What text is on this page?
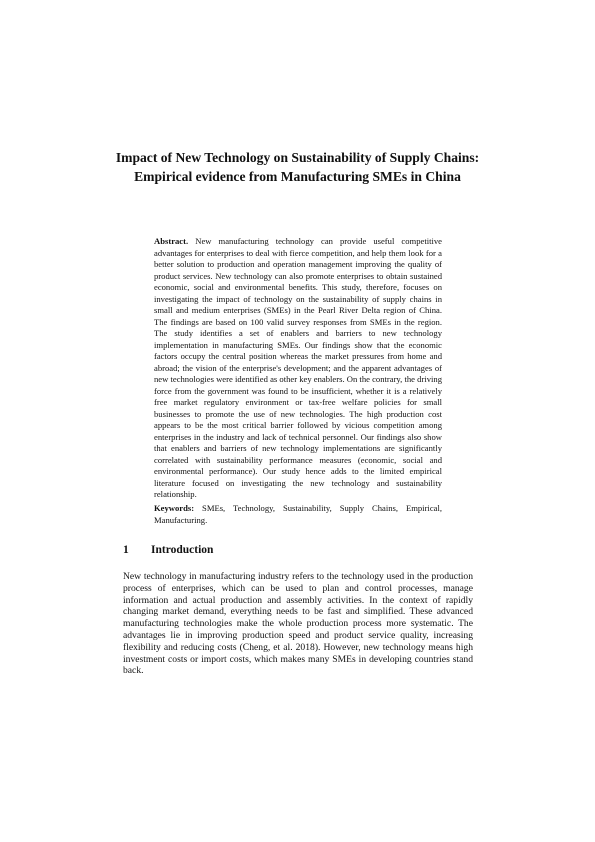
Impact of New Technology on Sustainability of Supply Chains: Empirical evidence from Manufacturing SMEs in China

Abstract. New manufacturing technology can provide useful competitive advantages for enterprises to deal with fierce competition, and help them look for a better solution to production and operation management improving the quality of product services. New technology can also promote enterprises to obtain sustained economic, social and environmental benefits. This study, therefore, focuses on investigating the impact of technology on the sustainability of supply chains in small and medium enterprises (SMEs) in the Pearl River Delta region of China. The findings are based on 100 valid survey responses from SMEs in the region. The study identifies a set of enablers and barriers to new technology implementation in manufacturing SMEs. Our findings show that the economic factors occupy the central position whereas the market pressures from home and abroad; the vision of the enterprise's development; and the apparent advantages of new technologies were identified as other key enablers. On the contrary, the driving force from the government was found to be insufficient, whether it is a relatively free market regulatory environment or tax-free welfare policies for small businesses to promote the use of new technologies. The high production cost appears to be the most critical barrier followed by vicious competition among enterprises in the industry and lack of technical personnel. Our findings also show that enablers and barriers of new technology implementations are significantly correlated with sustainability performance measures (economic, social and environmental performance). Our study hence adds to the limited empirical literature focused on investigating the new technology and sustainability relationship.

Keywords: SMEs, Technology, Sustainability, Supply Chains, Empirical, Manufacturing.

1 Introduction

New technology in manufacturing industry refers to the technology used in the production process of enterprises, which can be used to plan and control processes, manage information and actual production and assembly activities. In the context of rapidly changing market demand, everything needs to be fast and simplified. These advanced manufacturing technologies make the whole production process more systematic. The advantages lie in improving production speed and product service quality, increasing flexibility and reducing costs (Cheng, et al. 2018). However, new technology means high investment costs or import costs, which makes many SMEs in developing countries stand back.
